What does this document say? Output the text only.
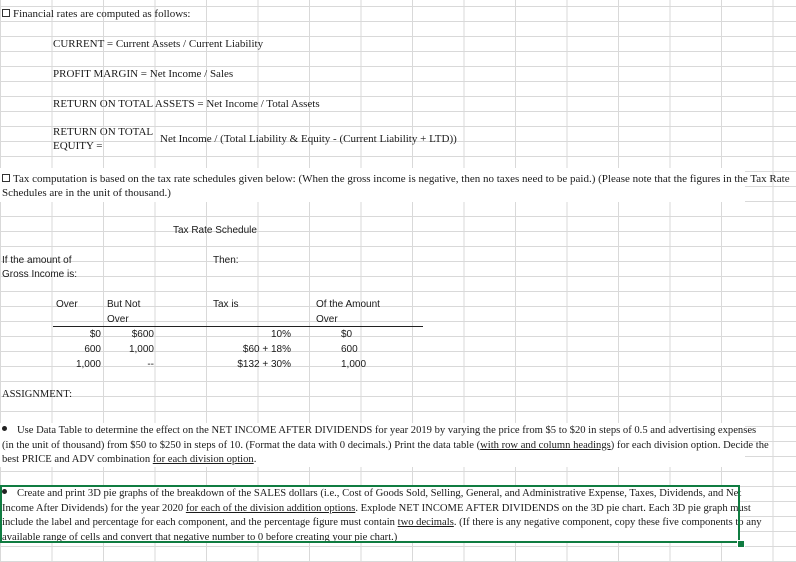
Financial rates are computed as follows:
CURRENT = Current Assets / Current Liability
PROFIT MARGIN = Net Income / Sales
RETURN ON TOTAL ASSETS = Net Income / Total Assets
RETURN ON TOTAL
EQUITY =
Net Income / (Total Liability & Equity - (Current Liability + LTD))
Tax computation is based on the tax rate schedules given below: (When the gross income is negative, then no taxes need to be paid.) (Please note that the figures in the Tax Rate
Schedules are in the unit of thousand.)
Tax Rate Schedule
If the amount of
Gross Income is:
Then:
Over	But Not
Over
Tax is	Of the Amount
Over
$0	$600	10%	$0
600	1,000	$60 + 18%	600
1,000	--	$132 + 30%	1,000
ASSIGNMENT:
Use Data Table to determine the effect on the NET INCOME AFTER DIVIDENDS for year 2019 by varying the price from $5 to $20 in steps of 0.5 and advertising expenses
(in the unit of thousand) from $50 to $250 in steps of 10. (Format the data with 0 decimals.) Print the data table (with row and column headings) for each division option. Decide the
best PRICE and ADV combination for each division option.
Create and print 3D pie graphs of the breakdown of the SALES dollars (i.e., Cost of Goods Sold, Selling, General, and Administrative Expense, Taxes, Dividends, and Net
Income After Dividends) for the year 2020 for each of the division addition options. Explode NET INCOME AFTER DIVIDENDS on the 3D pie chart. Each 3D pie graph must
include the label and percentage for each component, and the percentage figure must contain two decimals. (If there is any negative component, copy these five components to any
available range of cells and convert that negative number to 0 before creating your pie chart.)
